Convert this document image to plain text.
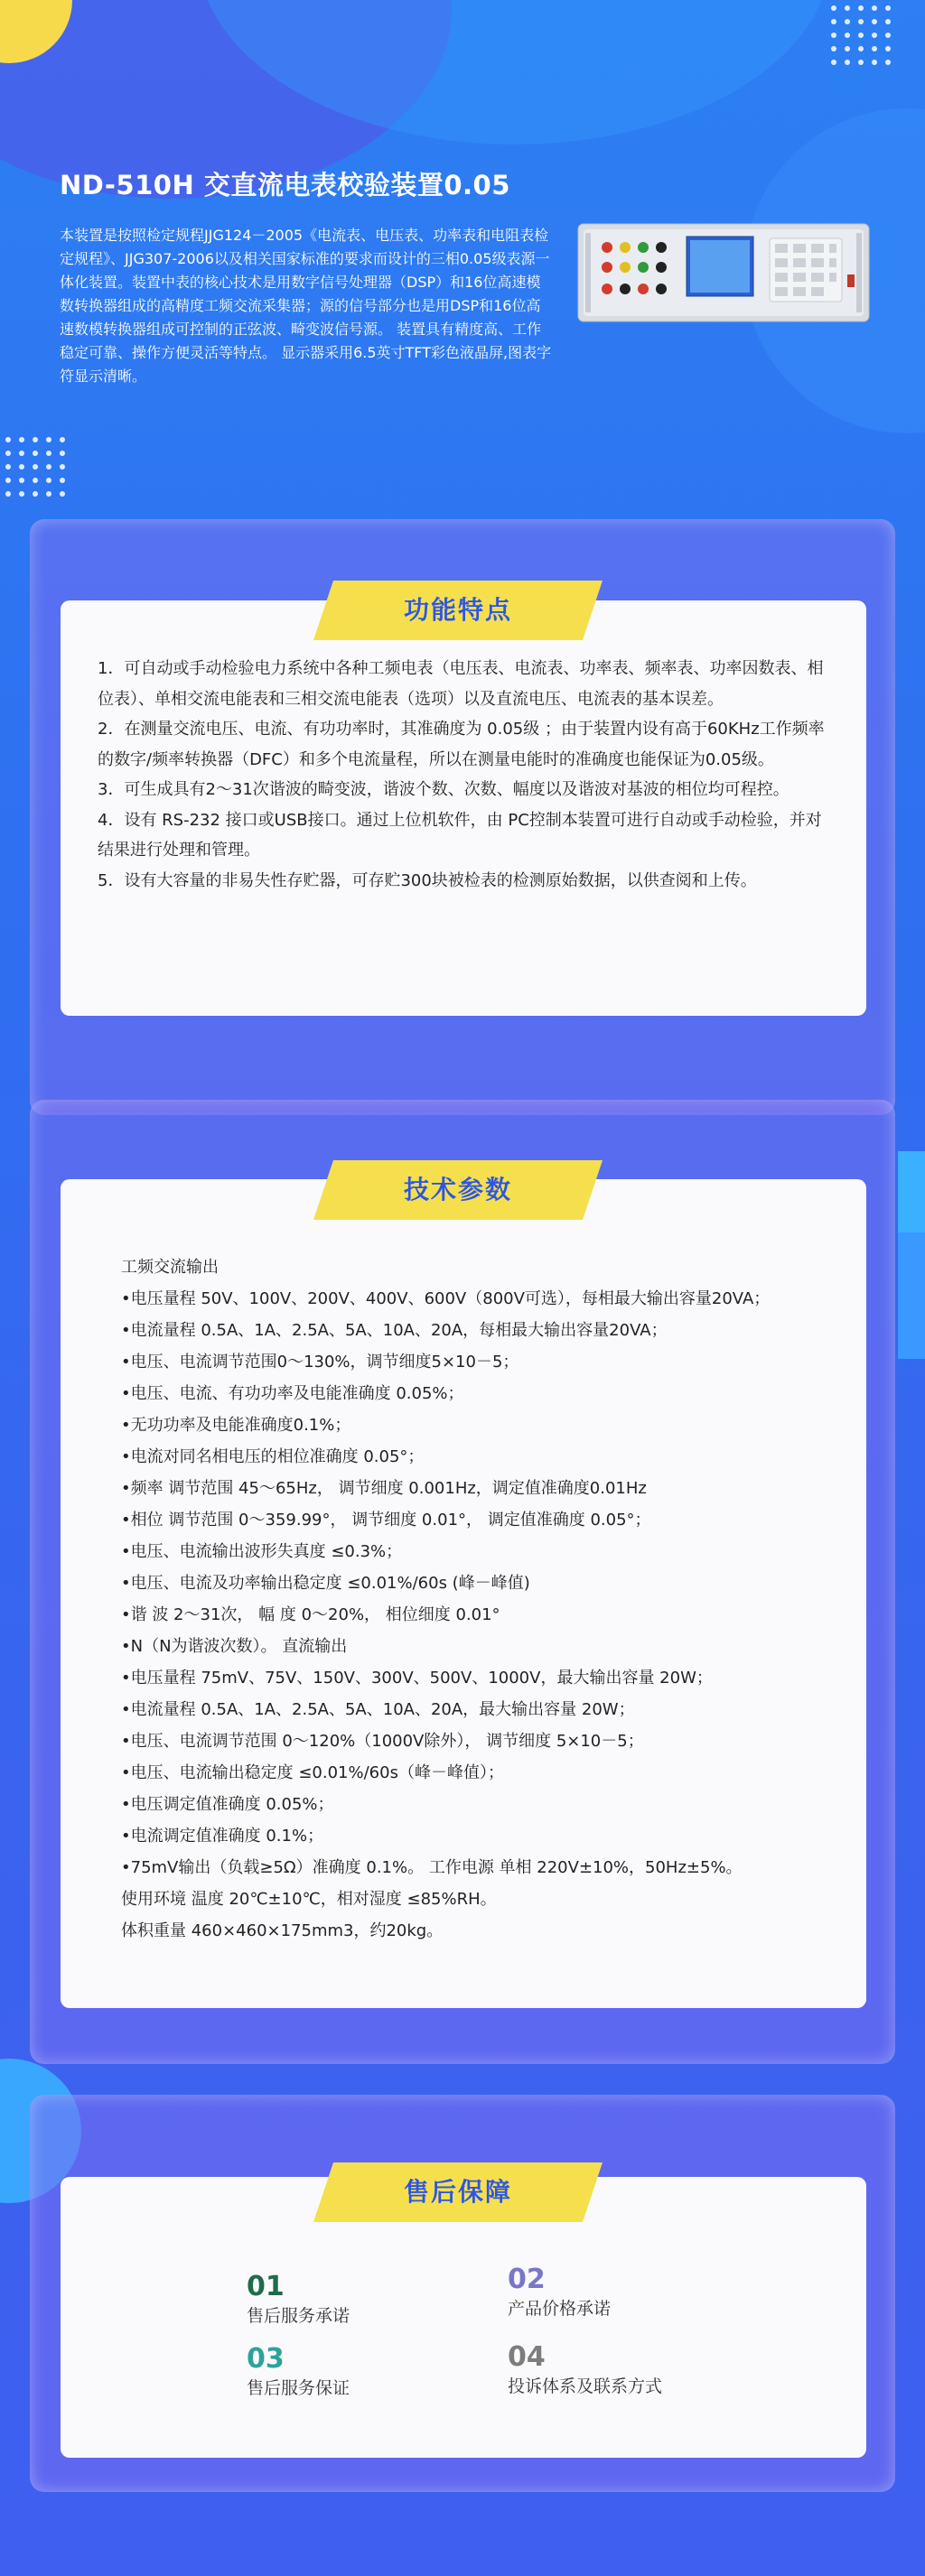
ND-510H 交直流电表校验装置0.05

本装置是按照检定规程JJG124－2005《电流表、电压表、功率表和电阻表检定规程》、JJG307-2006以及相关国家标准的要求而设计的三相0.05级表源一体化装置。装置中表的核心技术是用数字信号处理器（DSP）和16位高速模数转换器组成的高精度工频交流采集器；源的信号部分也是用DSP和16位高速数模转换器组成可控制的正弦波、畸变波信号源。 装置具有精度高、工作稳定可靠、操作方便灵活等特点。 显示器采用6.5英寸TFT彩色液晶屏,图表字符显示清晰。

功能特点
1．可自动或手动检验电力系统中各种工频电表（电压表、电流表、功率表、频率表、功率因数表、相位表）、单相交流电能表和三相交流电能表（选项）以及直流电压、电流表的基本误差。
2．在测量交流电压、电流、有功功率时，其准确度为 0.05级 ；由于装置内设有高于60KHz工作频率的数字/频率转换器（DFC）和多个电流量程，所以在测量电能时的准确度也能保证为0.05级。
3．可生成具有2～31次谐波的畸变波，谐波个数、次数、幅度以及谐波对基波的相位均可程控。
4．设有 RS-232 接口或USB接口。通过上位机软件，由 PC控制本装置可进行自动或手动检验，并对结果进行处理和管理。
5．设有大容量的非易失性存贮器，可存贮300块被检表的检测原始数据，以供查阅和上传。
技术参数
工频交流输出
•电压量程 50V、100V、200V、400V、600V（800V可选），每相最大输出容量20VA；
•电流量程 0.5A、1A、2.5A、5A、10A、20A，每相最大输出容量20VA；
•电压、电流调节范围0～130%，调节细度5×10－5；
•电压、电流、有功功率及电能准确度 0.05%；
•无功功率及电能准确度0.1%；
•电流对同名相电压的相位准确度 0.05°；
•频率 调节范围 45～65Hz， 调节细度 0.001Hz，调定值准确度0.01Hz
•相位 调节范围 0～359.99°， 调节细度 0.01°， 调定值准确度 0.05°；
•电压、电流输出波形失真度 ≤0.3%；
•电压、电流及功率输出稳定度 ≤0.01%/60s (峰－峰值)
•谐 波 2～31次， 幅 度 0～20%， 相位细度 0.01°
•N（N为谐波次数）。 直流输出
•电压量程 75mV、75V、150V、300V、500V、1000V，最大输出容量 20W；
•电流量程 0.5A、1A、2.5A、5A、10A、20A，最大输出容量 20W；
•电压、电流调节范围 0～120%（1000V除外）， 调节细度 5×10－5；
•电压、电流输出稳定度 ≤0.01%/60s（峰－峰值）；
•电压调定值准确度 0.05%；
•电流调定值准确度 0.1%；
•75mV输出（负载≥5Ω）准确度 0.1%。 工作电源 单相 220V±10%，50Hz±5%。
使用环境 温度 20℃±10℃，相对湿度 ≤85%RH。
体积重量 460×460×175mm3，约20kg。
售后保障
01
售后服务承诺
02
产品价格承诺
03
售后服务保证
04
投诉体系及联系方式
